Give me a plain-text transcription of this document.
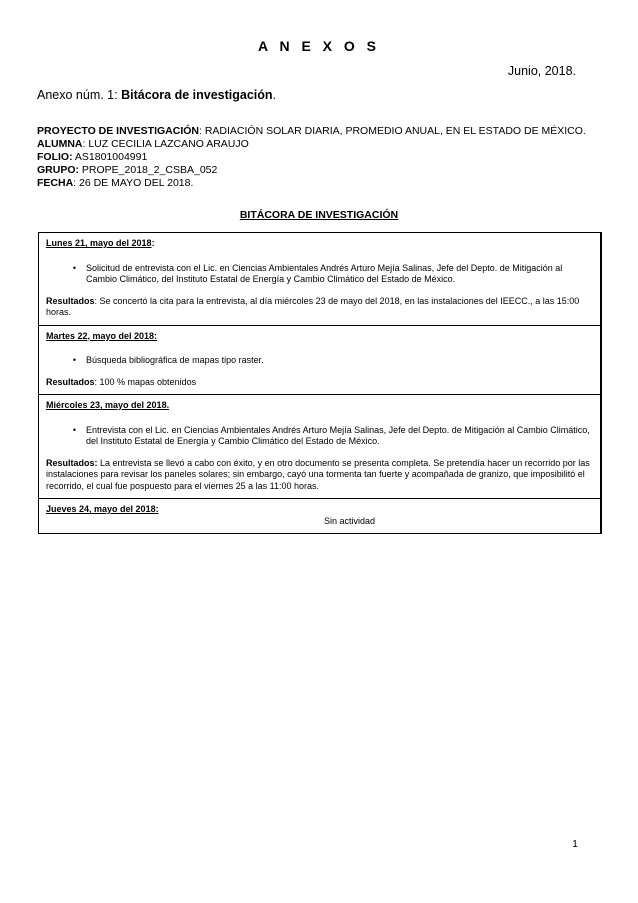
A N E X O S
Junio, 2018.
Anexo núm. 1: Bitácora de investigación.
PROYECTO DE INVESTIGACIÓN: RADIACIÓN SOLAR DIARIA, PROMEDIO ANUAL, EN EL ESTADO DE MÉXICO.
ALUMNA: LUZ CECILIA LAZCANO ARAUJO
FOLIO: AS1801004991
GRUPO: PROPE_2018_2_CSBA_052
FECHA: 26 DE MAYO DEL 2018.
BITÁCORA DE INVESTIGACIÓN
Lunes 21, mayo del 2018:
•	Solicitud de entrevista con el Lic. en Ciencias Ambientales Andrés Arturo Mejía Salinas, Jefe del Depto. de Mitigación al Cambio Climático, del Instituto Estatal de Energía y Cambio Climático del Estado de México.
Resultados: Se concertó la cita para la entrevista, al día miércoles 23 de mayo del 2018, en las instalaciones del IEECC., a las 15:00 horas.
Martes 22, mayo del 2018:
•	Búsqueda bibliográfica de mapas tipo raster.
Resultados: 100 % mapas obtenidos
Miércoles 23, mayo del 2018.
•	Entrevista con el Lic. en Ciencias Ambientales Andrés Arturo Mejía Salinas, Jefe del Depto. de Mitigación al Cambio Climático, del Instituto Estatal de Energía y Cambio Climático del Estado de México.
Resultados: La entrevista se llevó a cabo con éxito, y en otro documento se presenta completa. Se pretendía hacer un recorrido por las instalaciones para revisar los paneles solares; sin embargo, cayó una tormenta tan fuerte y acompañada de granizo, que imposibilitó el recorrido, el cual fue pospuesto para el viernes 25 a las 11:00 horas.
Jueves 24, mayo del 2018:
Sin actividad
1
